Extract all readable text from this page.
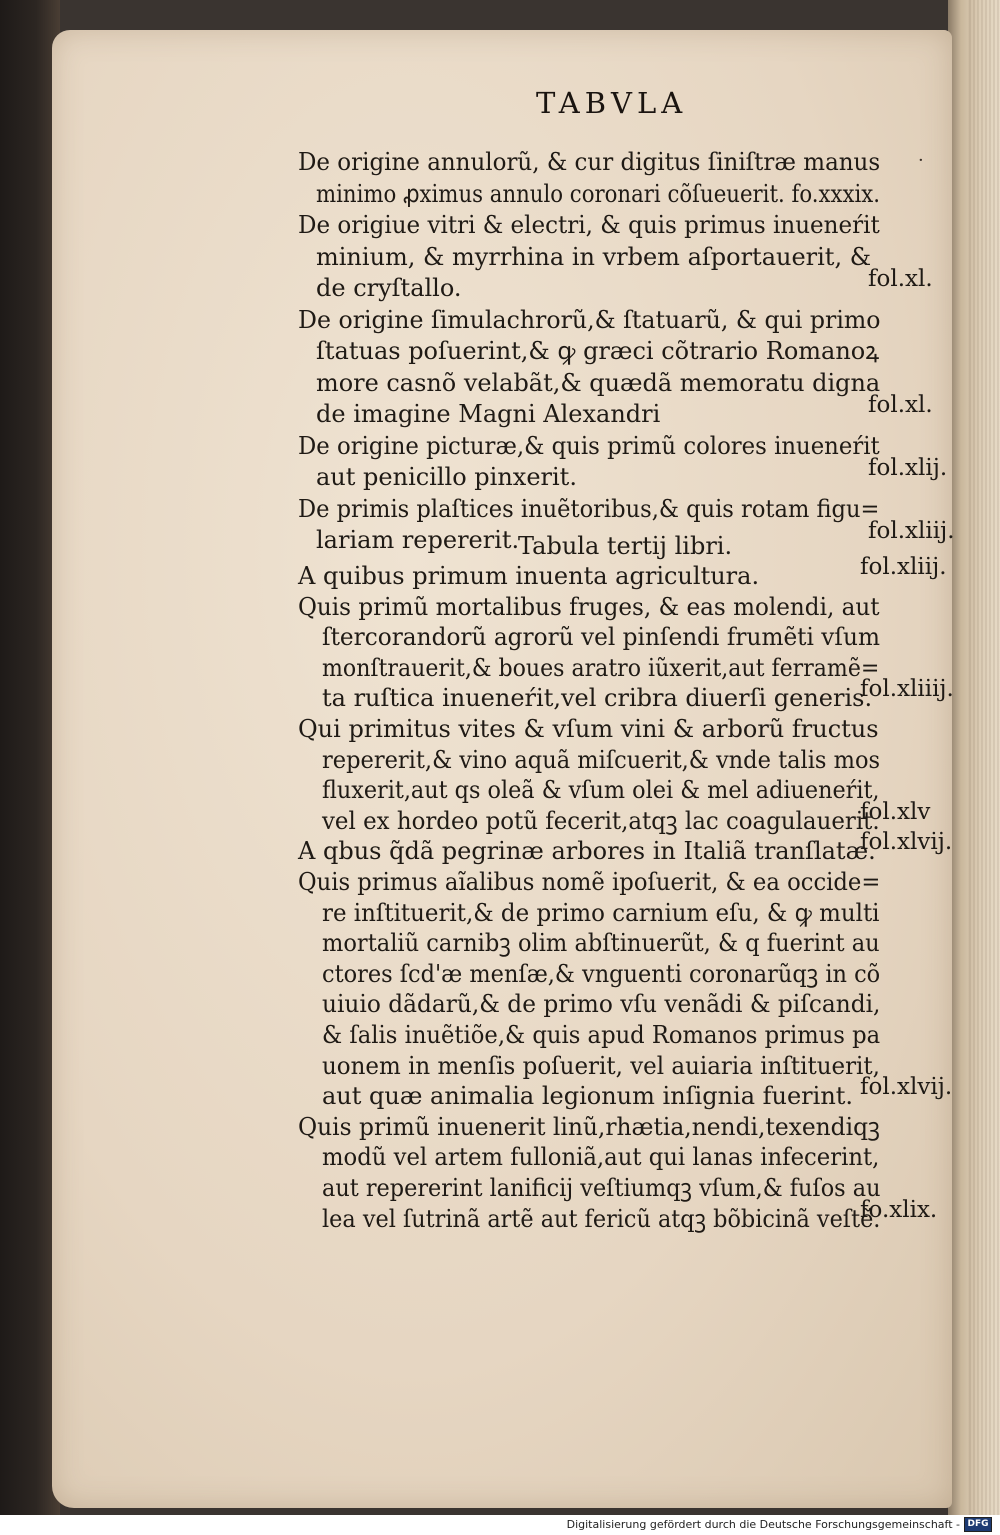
TABVLA
·
De origine annulorũ, & cur digitus ſiniſtræ manus
minimo ꝓximus annulo coronari cõſueuerit. fo.xxxix.
De origiue vitri & electri, & quis primus inueneŕit
minium, & myrrhina in vrbem aſportauerit, &
de cryſtallo.	fol.xl.
De origine ſimulachrorũ,& ſtatuarũ, & qui primo
ſtatuas poſuerint,& ꝙ græci cõtrario Romanoꝝ
more casnõ velabãt,& quædã memoratu digna
de imagine Magni Alexandri	fol.xl.
De origine picturæ,& quis primũ colores inueneŕit
aut penicillo pinxerit.	fol.xlij.
De primis plaſtices inuẽtoribus,& quis rotam figu=
lariam repererit.	fol.xliij.
Tabula tertij libri.
A quibus primum inuenta agricultura.	fol.xliij.
Quis primũ mortalibus fruges, & eas molendi, aut
ſtercorandorũ agrorũ vel pinſendi frumẽti vſum
monſtrauerit,& boues aratro iũxerit,aut ferramẽ=
ta ruſtica inueneŕit,vel cribra diuerſi generis.
fol.xliiij.
Qui primitus vites & vſum vini & arborũ fructus
repererit,& vino aquã miſcuerit,& vnde talis mos
fluxerit,aut qs oleã & vſum olei & mel adiueneŕit,
vel ex hordeo potũ fecerit,atqꝫ lac coagulauerit.
fol.xlv
A qbus q̃dã pegrinæ arbores in Italiã tranſlatæ.
fol.xlvij.
Quis primus aĩalibus nomẽ ipoſuerit, & ea occide=
re inſtituerit,& de primo carnium eſu, & ꝙ multi
mortaliũ carnibꝫ olim abſtinuerũt, & q fuerint au
ctores ſcd'æ menſæ,& vnguenti coronarũqꝫ in cõ
uiuio dãdarũ,& de primo vſu venãdi & piſcandi,
& ſalis inuẽtiõe,& quis apud Romanos primus pa
uonem in menſis poſuerit, vel auiaria inſtituerit,
aut quæ animalia legionum inſignia fuerint. fol.xlvij.
Quis primũ inuenerit linũ,rhætia,nendi,texendiqꝫ
modũ vel artem fulloniã,aut qui lanas infecerint,
aut repererint lanificij veſtiumqꝫ vſum,& fuſos au
lea vel ſutrinã artẽ aut fericũ atqꝫ bõbicinã veſtẽ.
fo.xlix.
Digitalisierung gefördert durch die Deutsche Forschungsgemeinschaft - DFG
